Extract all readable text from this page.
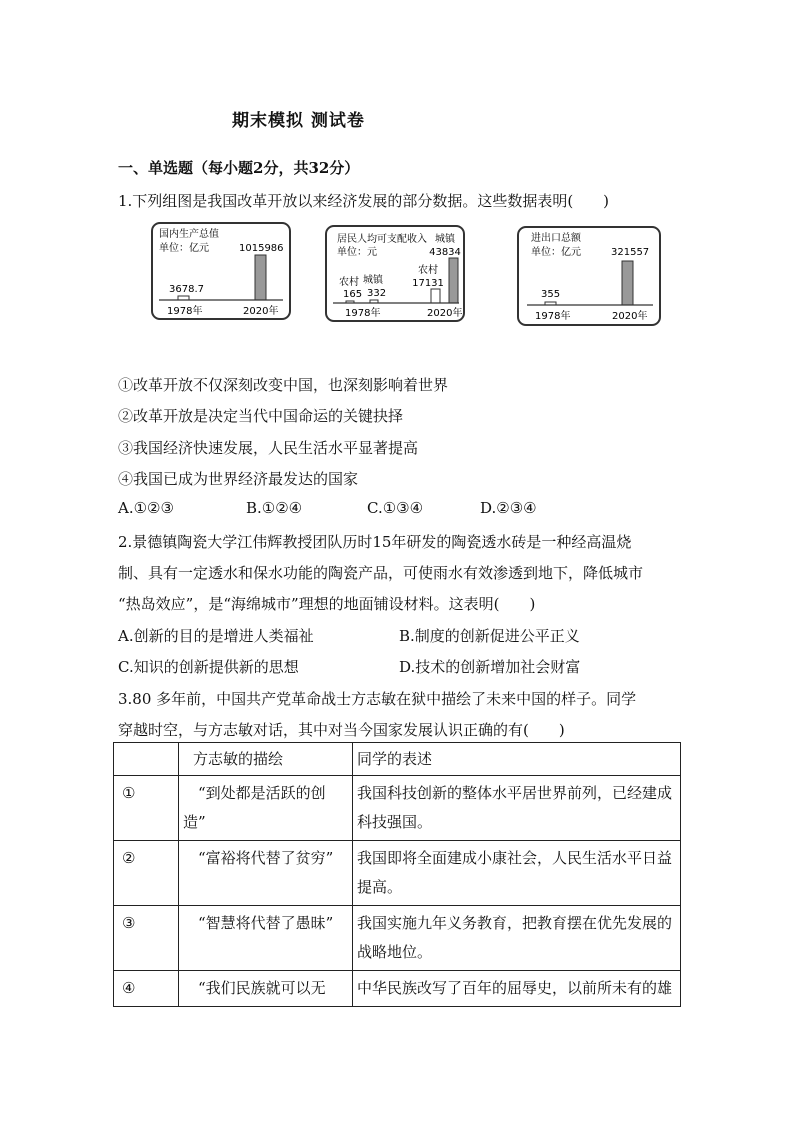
期末模拟 测试卷
一、单选题（每小题2分，共32分）
1.下列组图是我国改革开放以来经济发展的部分数据。这些数据表明(　　)
国内生产总值
单位：亿元	1015986
3678.7
1978年	2020年
居民人均可支配收入
单位：元
城镇
43834
农村
17131
农村 城镇
165 332
1978年	2020年
进出口总额
单位：亿元	321557
355
1978年	2020年
①改革开放不仅深刻改变中国，也深刻影响着世界
②改革开放是决定当代中国命运的关键抉择
③我国经济快速发展，人民生活水平显著提高
④我国已成为世界经济最发达的国家
A.①②③	B.①②④	C.①③④	D.②③④
2.景德镇陶瓷大学江伟辉教授团队历时15年研发的陶瓷透水砖是一种经高温烧
制、具有一定透水和保水功能的陶瓷产品，可使雨水有效渗透到地下，降低城市
“热岛效应”，是“海绵城市”理想的地面铺设材料。这表明(　　)
A.创新的目的是增进人类福祉	B.制度的创新促进公平正义
C.知识的创新提供新的思想	D.技术的创新增加社会财富
3.80 多年前，中国共产党革命战士方志敏在狱中描绘了未来中国的样子。同学
穿越时空，与方志敏对话，其中对当今国家发展认识正确的有(　　)
	方志敏的描绘	同学的表述
①	　“到处都是活跃的创造”	我国科技创新的整体水平居世界前列，已经建成科技强国。
②	　“富裕将代替了贫穷”	我国即将全面建成小康社会，人民生活水平日益提高。
③	　“智慧将代替了愚昧”	我国实施九年义务教育，把教育摆在优先发展的战略地位。
④	　“我们民族就可以无	中华民族改写了百年的屈辱史，以前所未有的雄
